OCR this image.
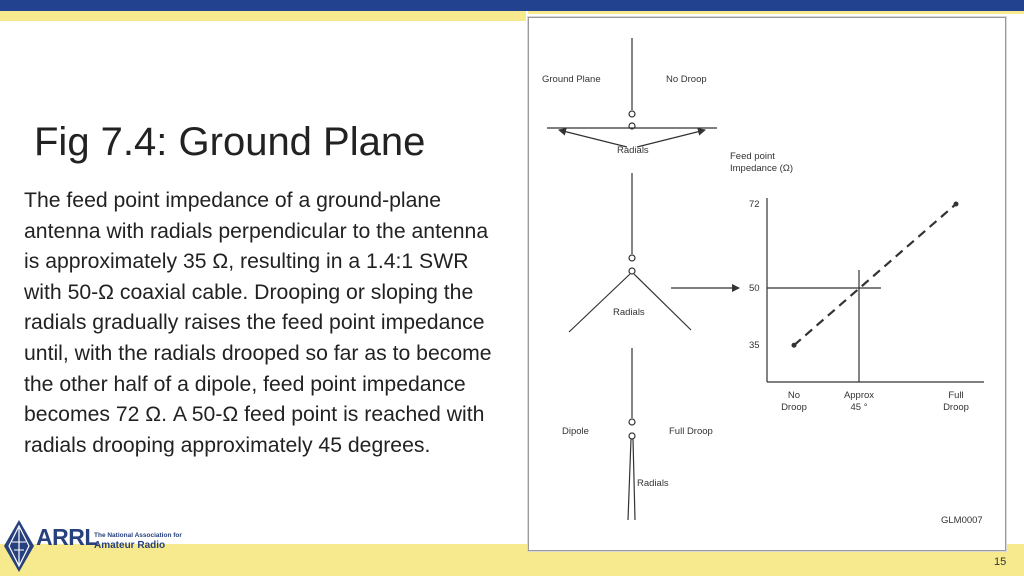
Fig 7.4: Ground Plane
The feed point impedance of a ground-plane antenna with radials perpendicular to the antenna is approximately 35 Ω, resulting in a 1.4:1 SWR with 50-Ω coaxial cable. Drooping or sloping the radials gradually raises the feed point impedance until, with the radials drooped so far as to become the other half of a dipole, feed point impedance becomes 72 Ω. A 50-Ω feed point is reached with radials drooping approximately 45 degrees.
Ground Plane	No Droop
Radials
Radials
Dipole	Full Droop
Radials
Feed point
Impedance (Ω)
72
50
35
No
Droop
Approx
45 °
Full
Droop
GLM0007
ARRL
The National Association for
Amateur Radio
15
